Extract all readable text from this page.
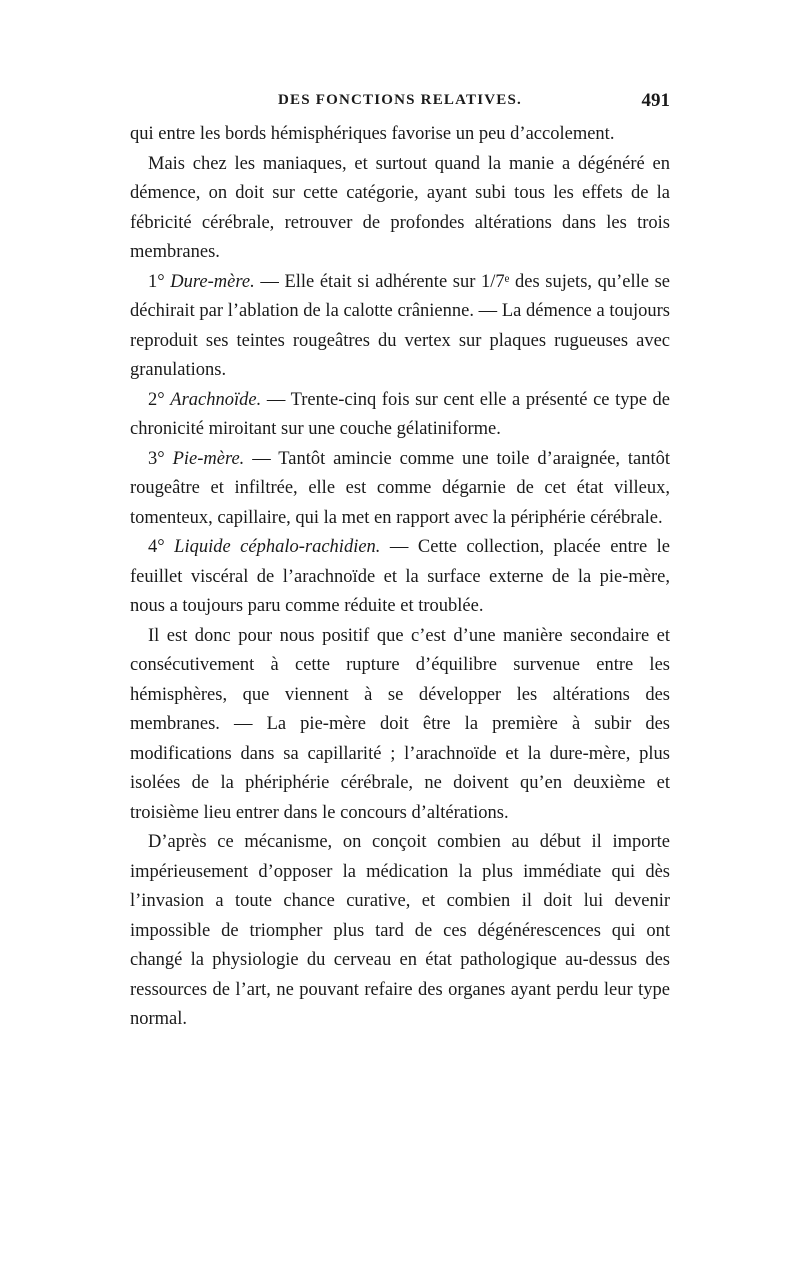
DES FONCTIONS RELATIVES.	491

qui entre les bords hémisphériques favorise un peu d’accolement.

Mais chez les maniaques, et surtout quand la manie a dégénéré en démence, on doit sur cette catégorie, ayant subi tous les effets de la fébricité cérébrale, retrouver de profondes altérations dans les trois membranes.

1° Dure-mère. — Elle était si adhérente sur 1/7ᵉ des sujets, qu’elle se déchirait par l’ablation de la calotte crânienne. — La démence a toujours reproduit ses teintes rougeâtres du vertex sur plaques rugueuses avec granulations.

2° Arachnoïde. — Trente-cinq fois sur cent elle a présenté ce type de chronicité miroitant sur une couche gélatiniforme.

3° Pie-mère. — Tantôt amincie comme une toile d’araignée, tantôt rougeâtre et infiltrée, elle est comme dégarnie de cet état villeux, tomenteux, capillaire, qui la met en rapport avec la périphérie cérébrale.

4° Liquide céphalo-rachidien. — Cette collection, placée entre le feuillet viscéral de l’arachnoïde et la surface externe de la pie-mère, nous a toujours paru comme réduite et troublée.

Il est donc pour nous positif que c’est d’une manière secondaire et consécutivement à cette rupture d’équilibre survenue entre les hémisphères, que viennent à se développer les altérations des membranes. — La pie-mère doit être la première à subir des modifications dans sa capillarité ; l’arachnoïde et la dure-mère, plus isolées de la phériphérie cérébrale, ne doivent qu’en deuxième et troisième lieu entrer dans le concours d’altérations.

D’après ce mécanisme, on conçoit combien au début il importe impérieusement d’opposer la médication la plus immédiate qui dès l’invasion a toute chance curative, et combien il doit lui devenir impossible de triompher plus tard de ces dégénérescences qui ont changé la physiologie du cerveau en état pathologique au-dessus des ressources de l’art, ne pouvant refaire des organes ayant perdu leur type normal.
